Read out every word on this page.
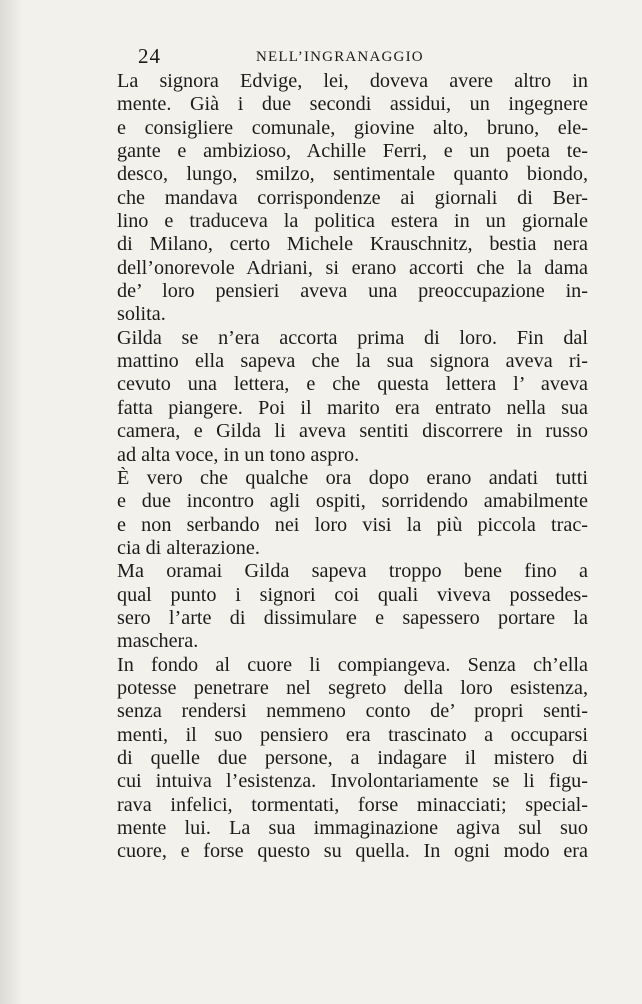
24	NELL’INGRANAGGIO
La signora Edvige, lei, doveva avere altro in
mente. Già i due secondi assidui, un ingegnere
e consigliere comunale, giovine alto, bruno, ele-
gante e ambizioso, Achille Ferri, e un poeta te-
desco, lungo, smilzo, sentimentale quanto biondo,
che mandava corrispondenze ai giornali di Ber-
lino e traduceva la politica estera in un giornale
di Milano, certo Michele Krauschnitz, bestia nera
dell’onorevole Adriani, si erano accorti che la dama
de’ loro pensieri aveva una preoccupazione in-
solita.
Gilda se n’era accorta prima di loro. Fin dal
mattino ella sapeva che la sua signora aveva ri-
cevuto una lettera, e che questa lettera l’ aveva
fatta piangere. Poi il marito era entrato nella sua
camera, e Gilda li aveva sentiti discorrere in russo
ad alta voce, in un tono aspro.
È vero che qualche ora dopo erano andati tutti
e due incontro agli ospiti, sorridendo amabilmente
e non serbando nei loro visi la più piccola trac-
cia di alterazione.
Ma oramai Gilda sapeva troppo bene fino a
qual punto i signori coi quali viveva possedes-
sero l’arte di dissimulare e sapessero portare la
maschera.
In fondo al cuore li compiangeva. Senza ch’ella
potesse penetrare nel segreto della loro esistenza,
senza rendersi nemmeno conto de’ propri senti-
menti, il suo pensiero era trascinato a occuparsi
di quelle due persone, a indagare il mistero di
cui intuiva l’esistenza. Involontariamente se li figu-
rava infelici, tormentati, forse minacciati; special-
mente lui. La sua immaginazione agiva sul suo
cuore, e forse questo su quella. In ogni modo era
